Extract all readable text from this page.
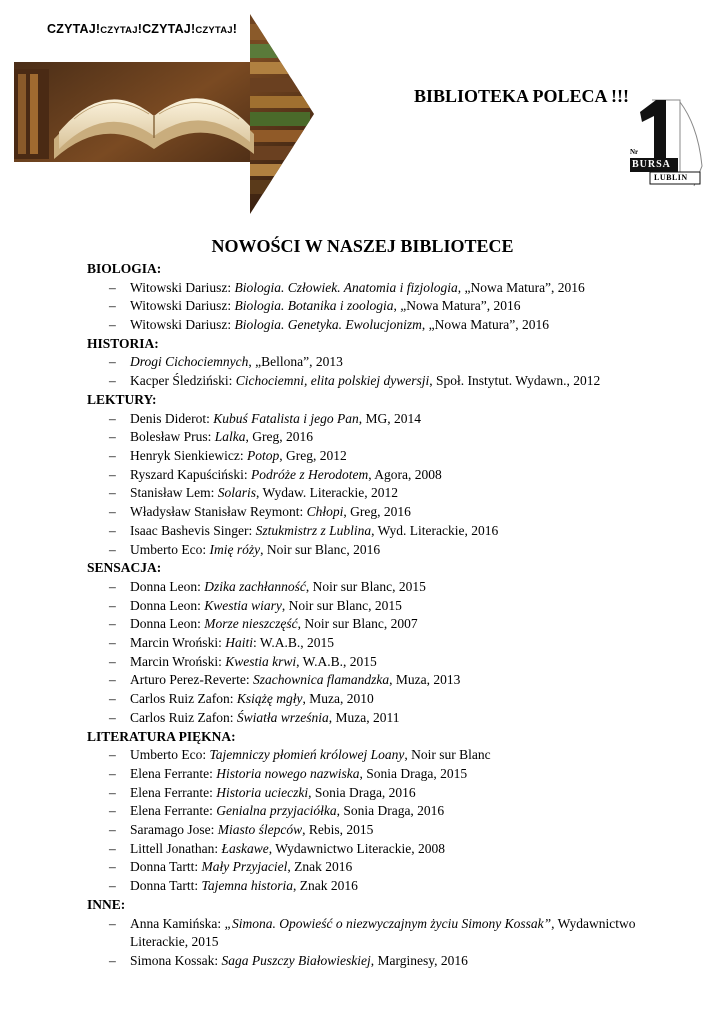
CZYTAJ!CZYTAJ!CZYTAJ!CZYTAJ!
BIBLIOTEKA POLECA !!!
Nr
BURSA
LUBLIN
NOWOŚCI W NASZEJ BIBLIOTECE
BIOLOGIA:
– Witowski Dariusz: Biologia. Człowiek. Anatomia i fizjologia, „Nowa Matura”, 2016
– Witowski Dariusz: Biologia. Botanika i zoologia, „Nowa Matura”, 2016
– Witowski Dariusz: Biologia. Genetyka. Ewolucjonizm, „Nowa Matura”, 2016
HISTORIA:
– Drogi Cichociemnych, „Bellona”, 2013
– Kacper Śledziński: Cichociemni, elita polskiej dywersji, Społ. Instytut. Wydawn., 2012
LEKTURY:
– Denis Diderot: Kubuś Fatalista i jego Pan, MG, 2014
– Bolesław Prus: Lalka, Greg, 2016
– Henryk Sienkiewicz: Potop, Greg, 2012
– Ryszard Kapuściński: Podróże z Herodotem, Agora, 2008
– Stanisław Lem: Solaris, Wydaw. Literackie, 2012
– Władysław Stanisław Reymont: Chłopi, Greg, 2016
– Isaac Bashevis Singer: Sztukmistrz z Lublina, Wyd. Literackie, 2016
– Umberto Eco: Imię róży, Noir sur Blanc, 2016
SENSACJA:
– Donna Leon: Dzika zachłanność, Noir sur Blanc, 2015
– Donna Leon: Kwestia wiary, Noir sur Blanc, 2015
– Donna Leon: Morze nieszczęść, Noir sur Blanc, 2007
– Marcin Wroński: Haiti: W.A.B., 2015
– Marcin Wroński: Kwestia krwi, W.A.B., 2015
– Arturo Perez-Reverte: Szachownica flamandzka, Muza, 2013
– Carlos Ruiz Zafon: Książę mgły, Muza, 2010
– Carlos Ruiz Zafon: Światła września, Muza, 2011
LITERATURA PIĘKNA:
– Umberto Eco: Tajemniczy płomień królowej Loany, Noir sur Blanc
– Elena Ferrante: Historia nowego nazwiska, Sonia Draga, 2015
– Elena Ferrante: Historia ucieczki, Sonia Draga, 2016
– Elena Ferrante: Genialna przyjaciółka, Sonia Draga, 2016
– Saramago Jose: Miasto ślepców, Rebis, 2015
– Littell Jonathan: Łaskawe, Wydawnictwo Literackie, 2008
– Donna Tartt: Mały Przyjaciel, Znak 2016
– Donna Tartt: Tajemna historia, Znak 2016
INNE:
– Anna Kamińska: „Simona. Opowieść o niezwyczajnym życiu Simony Kossak”, Wydawnictwo Literackie, 2015
– Simona Kossak: Saga Puszczy Białowieskiej, Marginesy, 2016
